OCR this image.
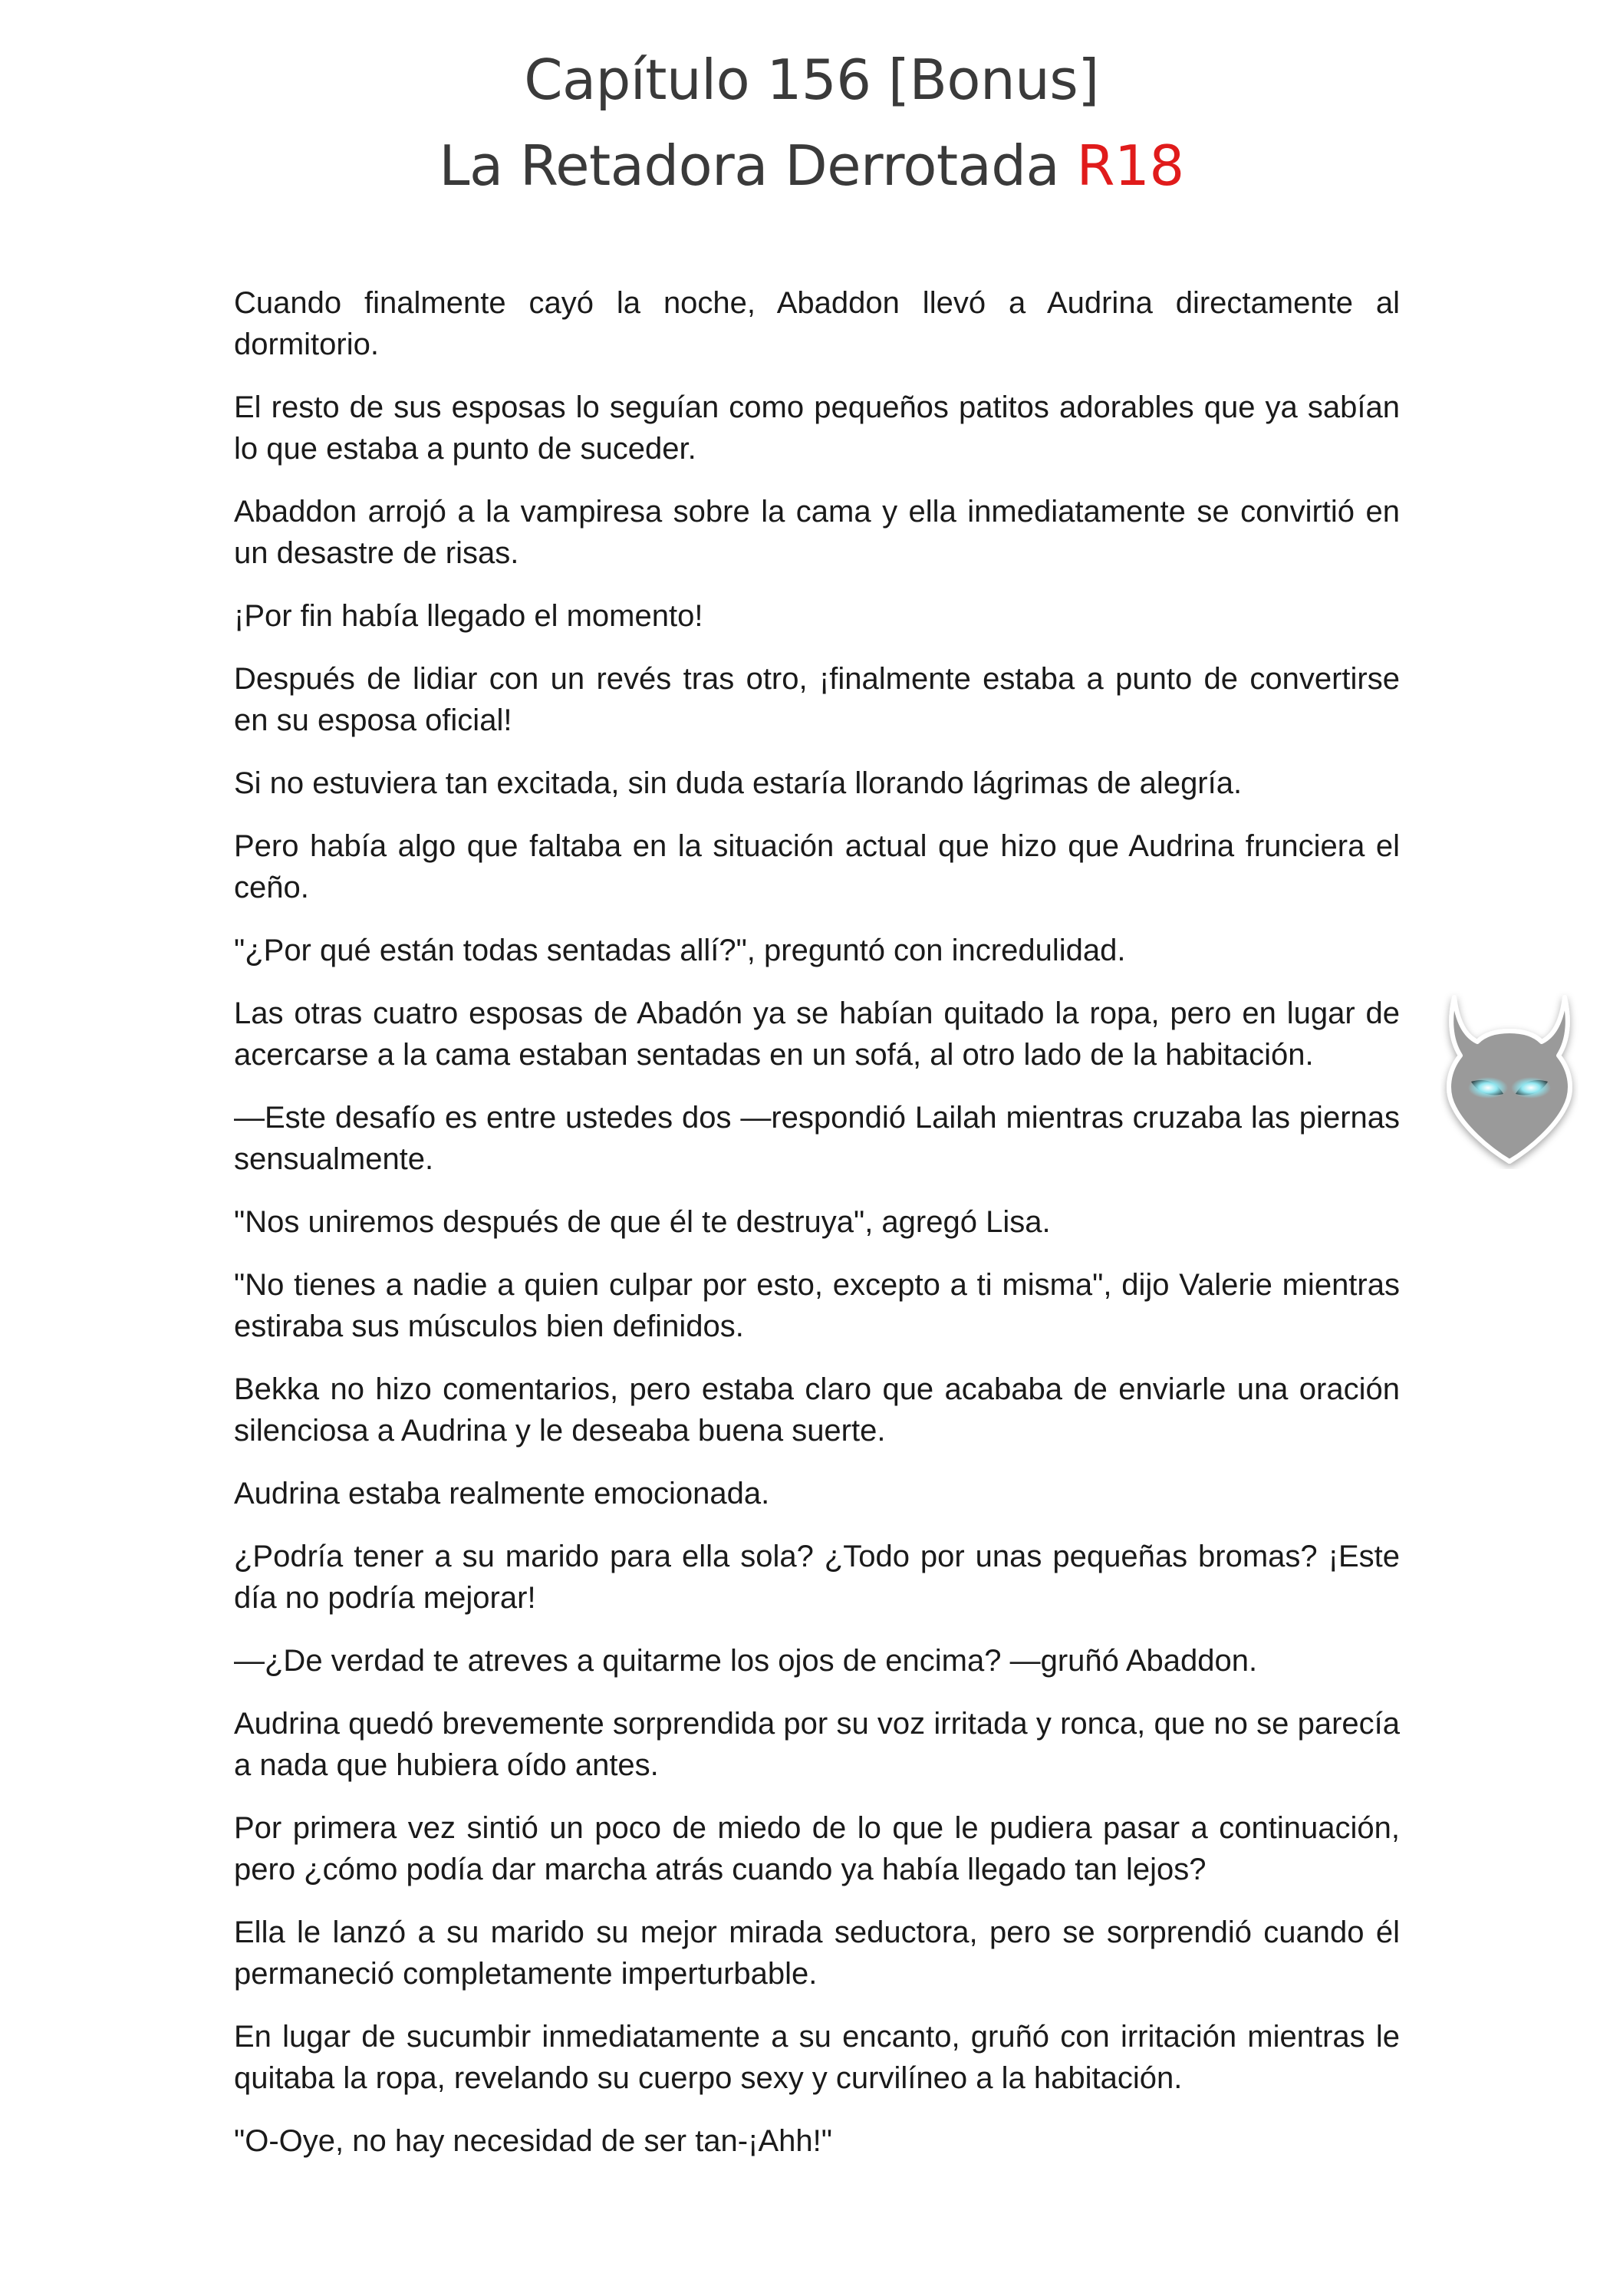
Capítulo 156 [Bonus]
La Retadora Derrotada R18

Cuando finalmente cayó la noche, Abaddon llevó a Audrina directamente al dormitorio.

El resto de sus esposas lo seguían como pequeños patitos adorables que ya sabían lo que estaba a punto de suceder.

Abaddon arrojó a la vampiresa sobre la cama y ella inmediatamente se convirtió en un desastre de risas.

¡Por fin había llegado el momento!

Después de lidiar con un revés tras otro, ¡finalmente estaba a punto de convertirse en su esposa oficial!

Si no estuviera tan excitada, sin duda estaría llorando lágrimas de alegría.

Pero había algo que faltaba en la situación actual que hizo que Audrina frunciera el ceño.

"¿Por qué están todas sentadas allí?", preguntó con incredulidad.

Las otras cuatro esposas de Abadón ya se habían quitado la ropa, pero en lugar de acercarse a la cama estaban sentadas en un sofá, al otro lado de la habitación.

—Este desafío es entre ustedes dos —respondió Lailah mientras cruzaba las piernas sensualmente.

"Nos uniremos después de que él te destruya", agregó Lisa.

"No tienes a nadie a quien culpar por esto, excepto a ti misma", dijo Valerie mientras estiraba sus músculos bien definidos.

Bekka no hizo comentarios, pero estaba claro que acababa de enviarle una oración silenciosa a Audrina y le deseaba buena suerte.

Audrina estaba realmente emocionada.

¿Podría tener a su marido para ella sola? ¿Todo por unas pequeñas bromas? ¡Este día no podría mejorar!

—¿De verdad te atreves a quitarme los ojos de encima? —gruñó Abaddon.

Audrina quedó brevemente sorprendida por su voz irritada y ronca, que no se parecía a nada que hubiera oído antes.

Por primera vez sintió un poco de miedo de lo que le pudiera pasar a continuación, pero ¿cómo podía dar marcha atrás cuando ya había llegado tan lejos?

Ella le lanzó a su marido su mejor mirada seductora, pero se sorprendió cuando él permaneció completamente imperturbable.

En lugar de sucumbir inmediatamente a su encanto, gruñó con irritación mientras le quitaba la ropa, revelando su cuerpo sexy y curvilíneo a la habitación.

"O-Oye, no hay necesidad de ser tan-¡Ahh!"
